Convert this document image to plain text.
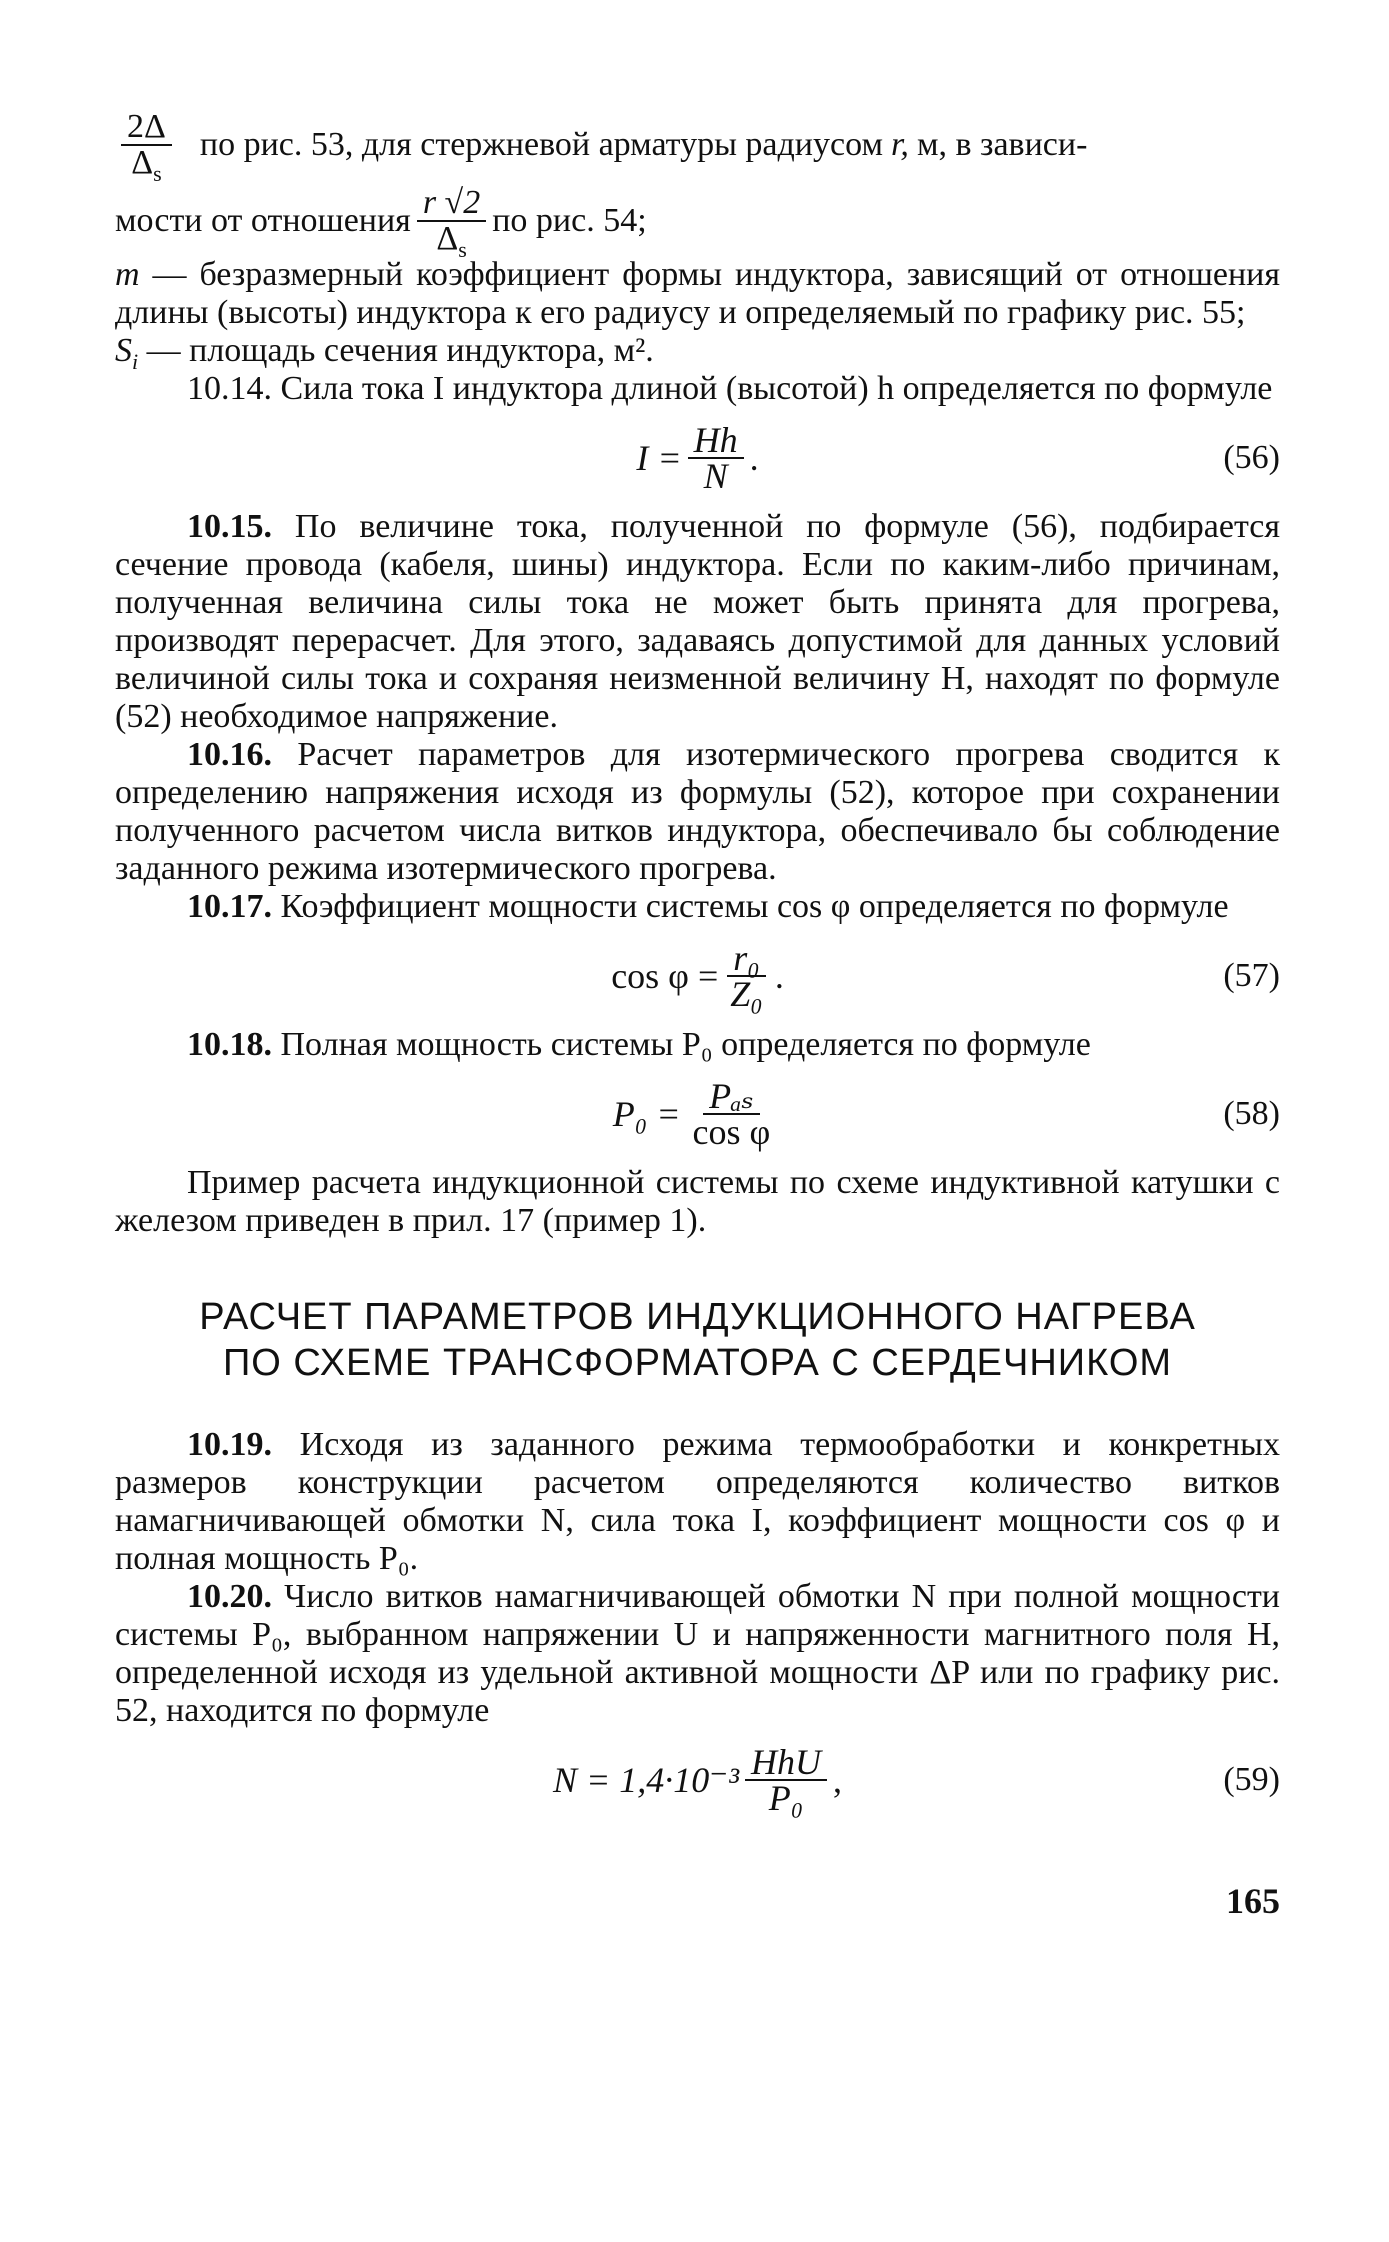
$\frac{2\Delta}{\Delta_s}$ по рис. 53, для стержневой арматуры радиусом r, м, в зависи-
мости от отношения $\frac{r √2}{\Delta_s}$ по рис. 54;

m — безразмерный коэффициент формы индуктора, зависящий от отношения длины (высоты) индуктора к его радиусу и определяемый по графику рис. 55;

$S_i$ — площадь сечения индуктора, м².

10.14. Сила тока I индуктора длиной (высотой) h определяется по формуле

$I = \frac{Hh}{N}$ .	(56)

10.15. По величине тока, полученной по формуле (56), подбирается сечение провода (кабеля, шины) индуктора. Если по каким-либо причинам, полученная величина силы тока не может быть принята для прогрева, производят перерасчет. Для этого, задаваясь допустимой для данных условий величиной силы тока и сохраняя неизменной величину H, находят по формуле (52) необходимое напряжение.

10.16. Расчет параметров для изотермического прогрева сводится к определению напряжения исходя из формулы (52), которое при сохранении полученного расчетом числа витков индуктора, обеспечивало бы соблюдение заданного режима изотермического прогрева.

10.17. Коэффициент мощности системы cos φ определяется по формуле

$\cos \varphi = \frac{\text{r₀}}{\text{Z₀}}$ .	(57)

10.18. Полная мощность системы P₀ определяется по формуле

$P_0 = \frac{\text{Pₐₛ}}{\text{cos φ}}$	(58)

Пример расчета индукционной системы по схеме индуктивной катушки с железом приведен в прил. 17 (пример 1).

РАСЧЕТ ПАРАМЕТРОВ ИНДУКЦИОННОГО НАГРЕВА
ПО СХЕМЕ ТРАНСФОРМАТОРА С СЕРДЕЧНИКОМ

10.19. Исходя из заданного режима термообработки и конкретных размеров конструкции расчетом определяются количество витков намагничивающей обмотки N, сила тока I, коэффициент мощности cos φ и полная мощность P₀.

10.20. Число витков намагничивающей обмотки N при полной мощности системы P₀, выбранном напряжении U и напряженности магнитного поля H, определенной исходя из удельной активной мощности ΔP или по графику рис. 52, находится по формуле

$N = 1,4\cdot 10^{-3} \frac{\text{HhU}}{\text{P₀}}$ ,	(59)
165
